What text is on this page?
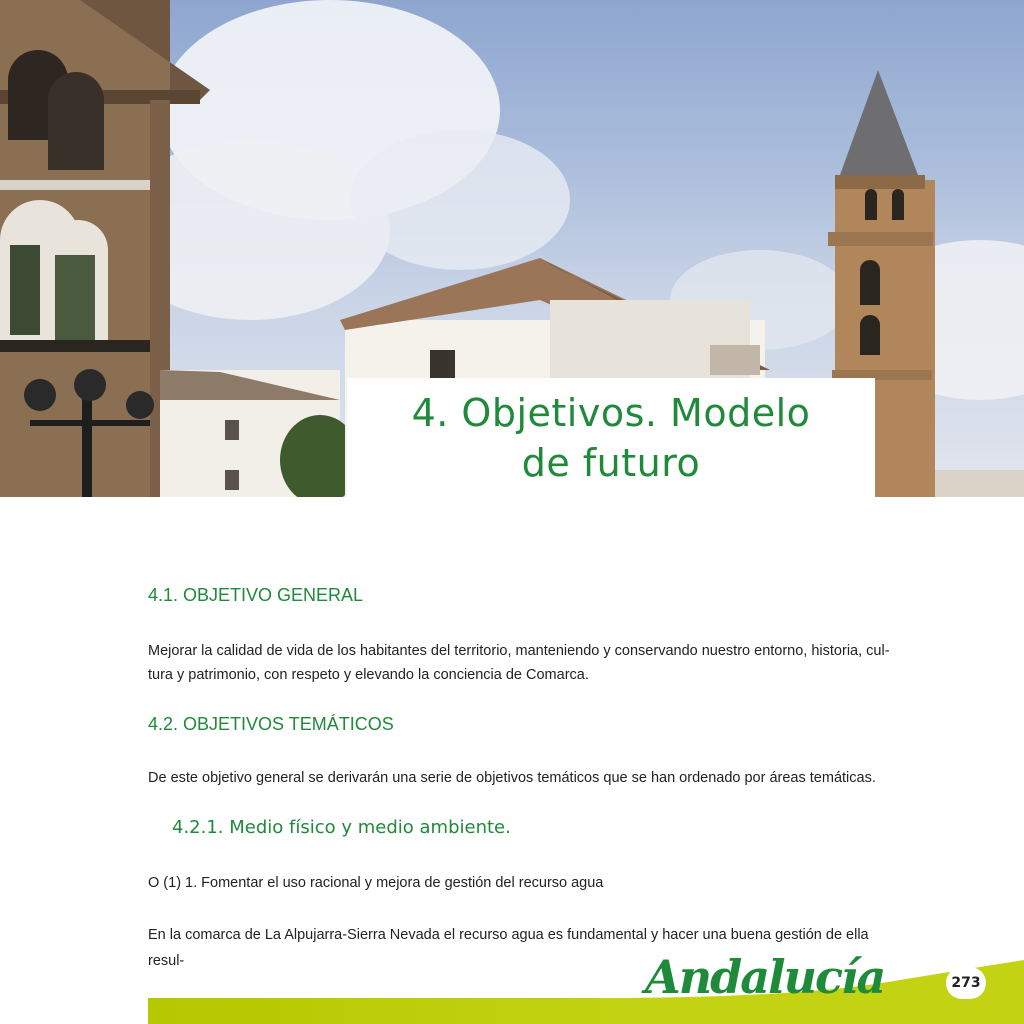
4. Objetivos. Modelo
de futuro
4.1. OBJETIVO GENERAL
Mejorar la calidad de vida de los habitantes del territorio, manteniendo y conservando nuestro entorno, historia, cul-
tura y patrimonio, con respeto y elevando la conciencia de Comarca.
4.2. OBJETIVOS TEMÁTICOS
De este objetivo general se derivarán una serie de objetivos temáticos que se han ordenado por áreas temáticas.
4.2.1. Medio físico y medio ambiente.
O (1) 1. Fomentar el uso racional y mejora de gestión del recurso agua
En la comarca de La Alpujarra-Sierra Nevada el recurso agua es fundamental y hacer una buena gestión de ella resul-	Andalucía	273
